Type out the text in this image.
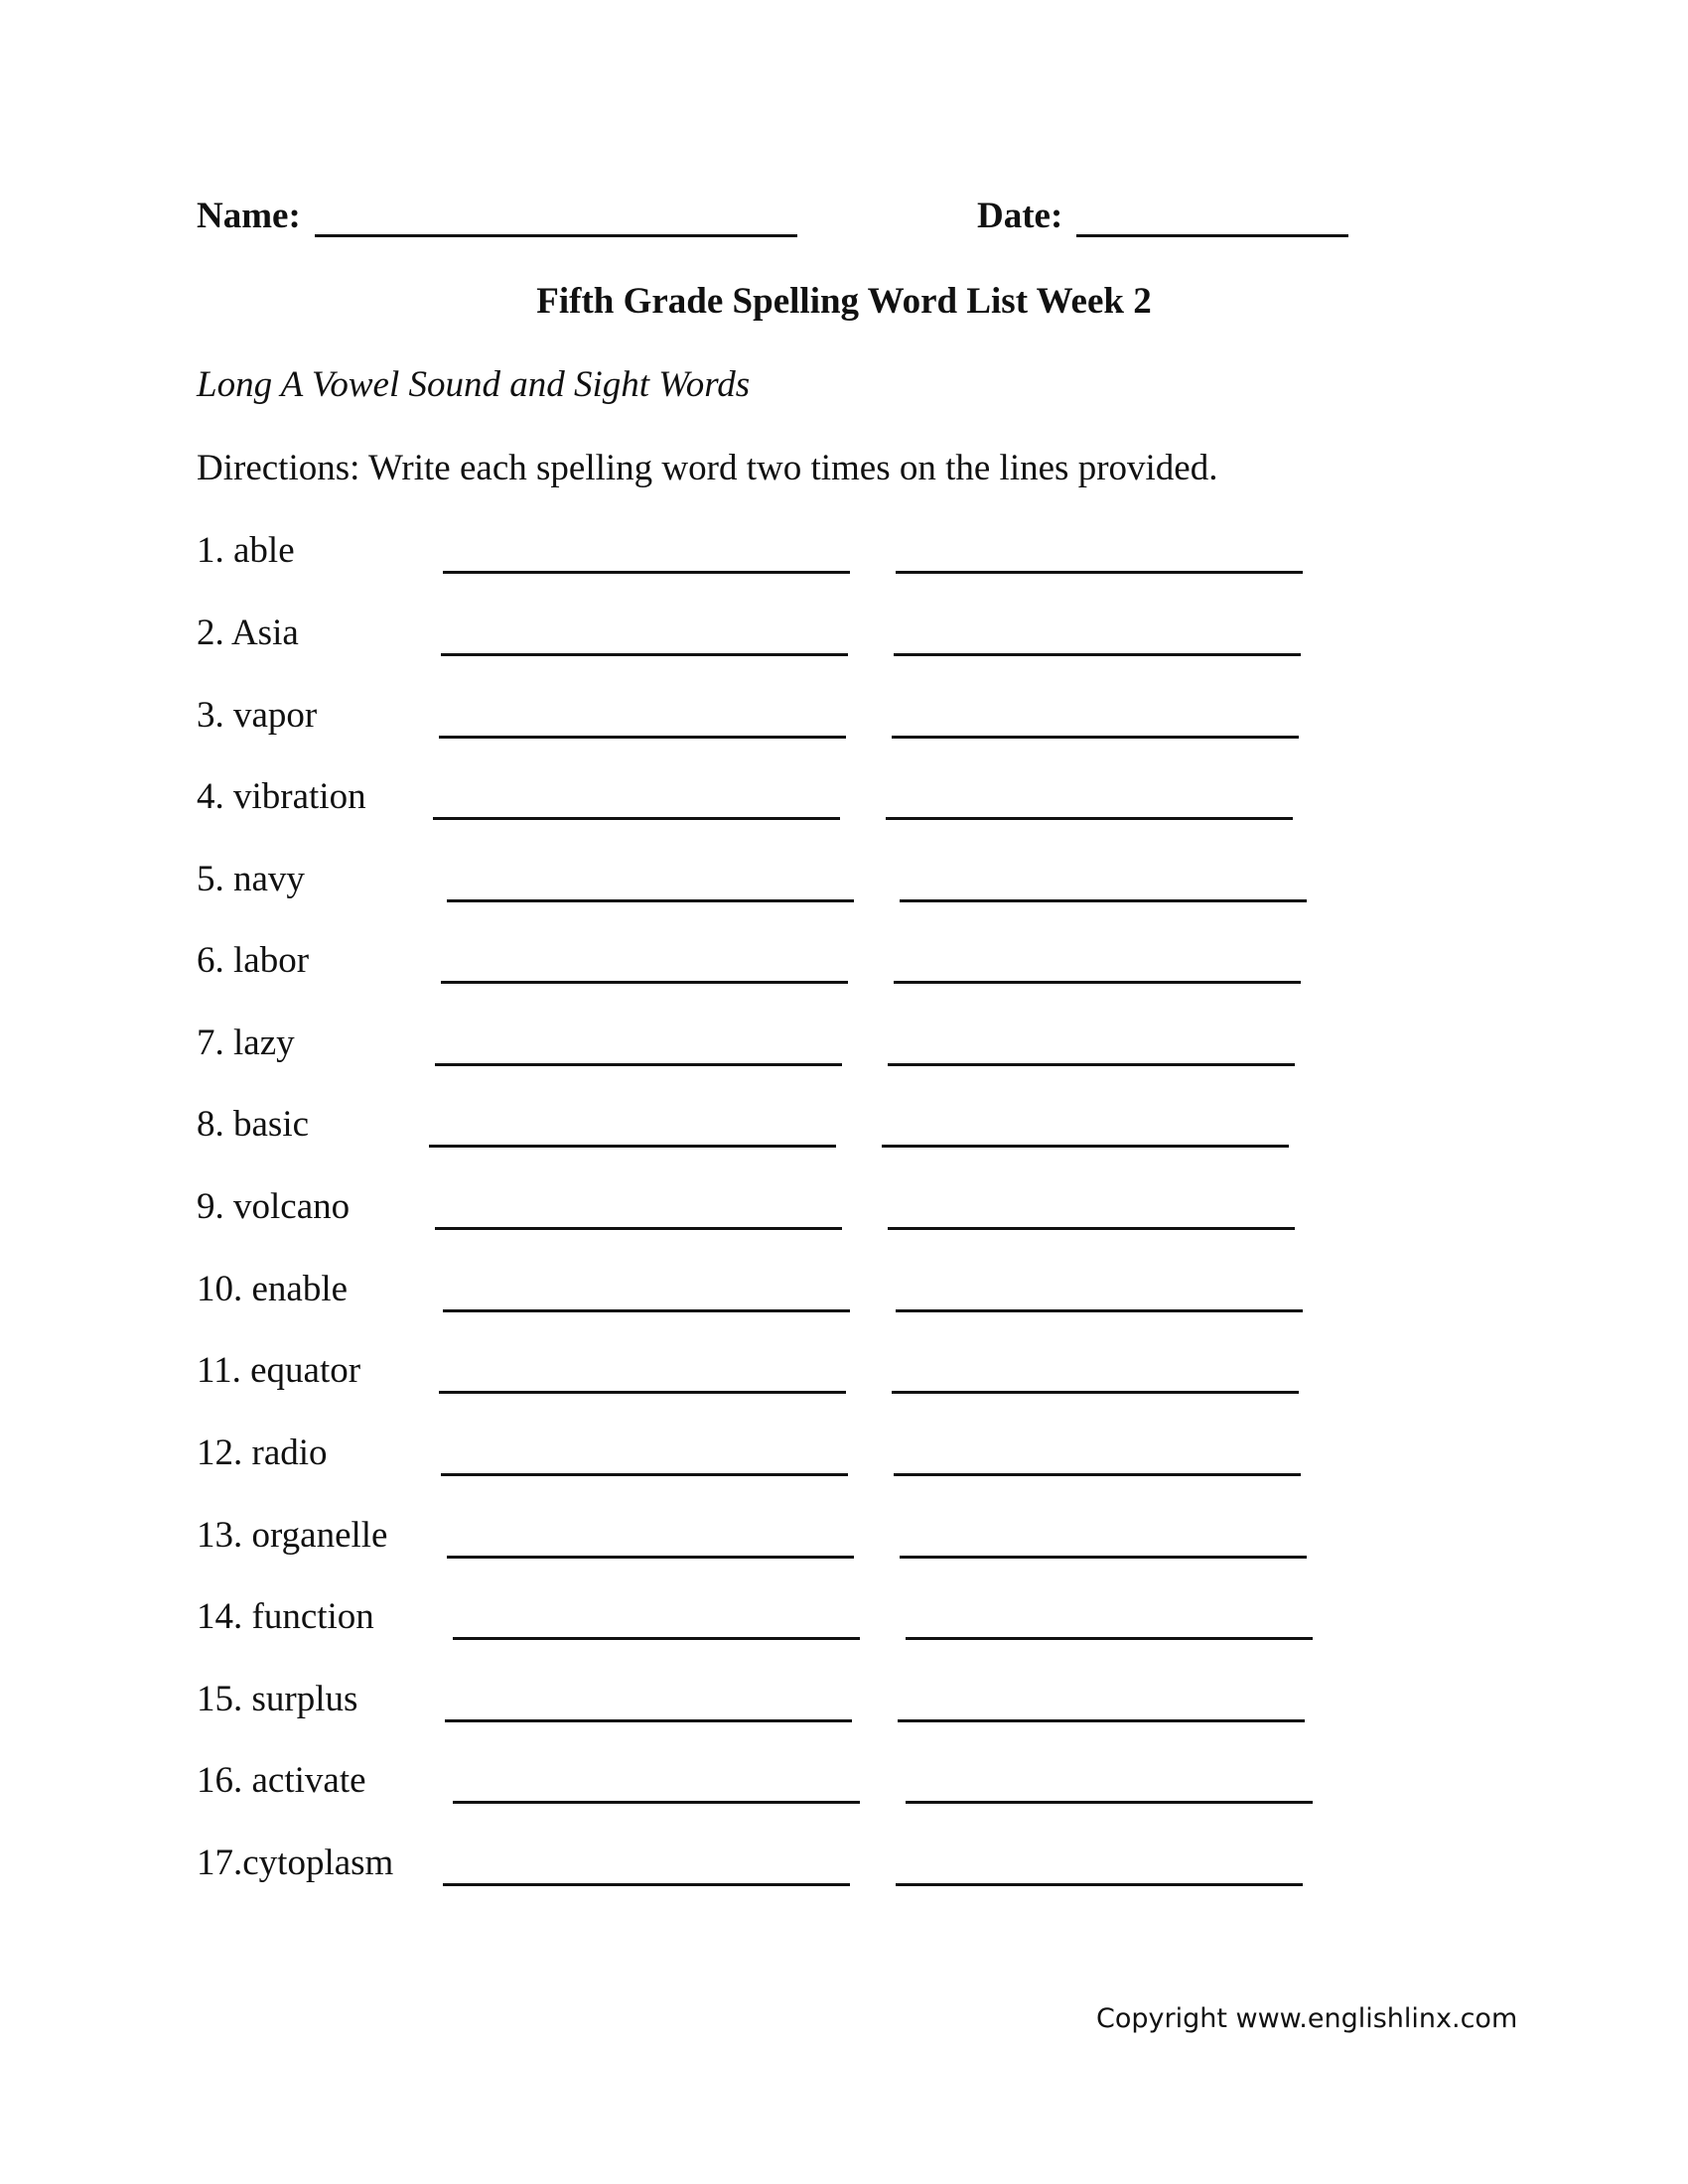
Name:	Date:
Fifth Grade Spelling Word List Week 2
Long A Vowel Sound and Sight Words
Directions: Write each spelling word two times on the lines provided.
1. able
2. Asia
3. vapor
4. vibration
5. navy
6. labor
7. lazy
8. basic
9. volcano
10. enable
11. equator
12. radio
13. organelle
14. function
15. surplus
16. activate
17.cytoplasm
Copyright www.englishlinx.com
